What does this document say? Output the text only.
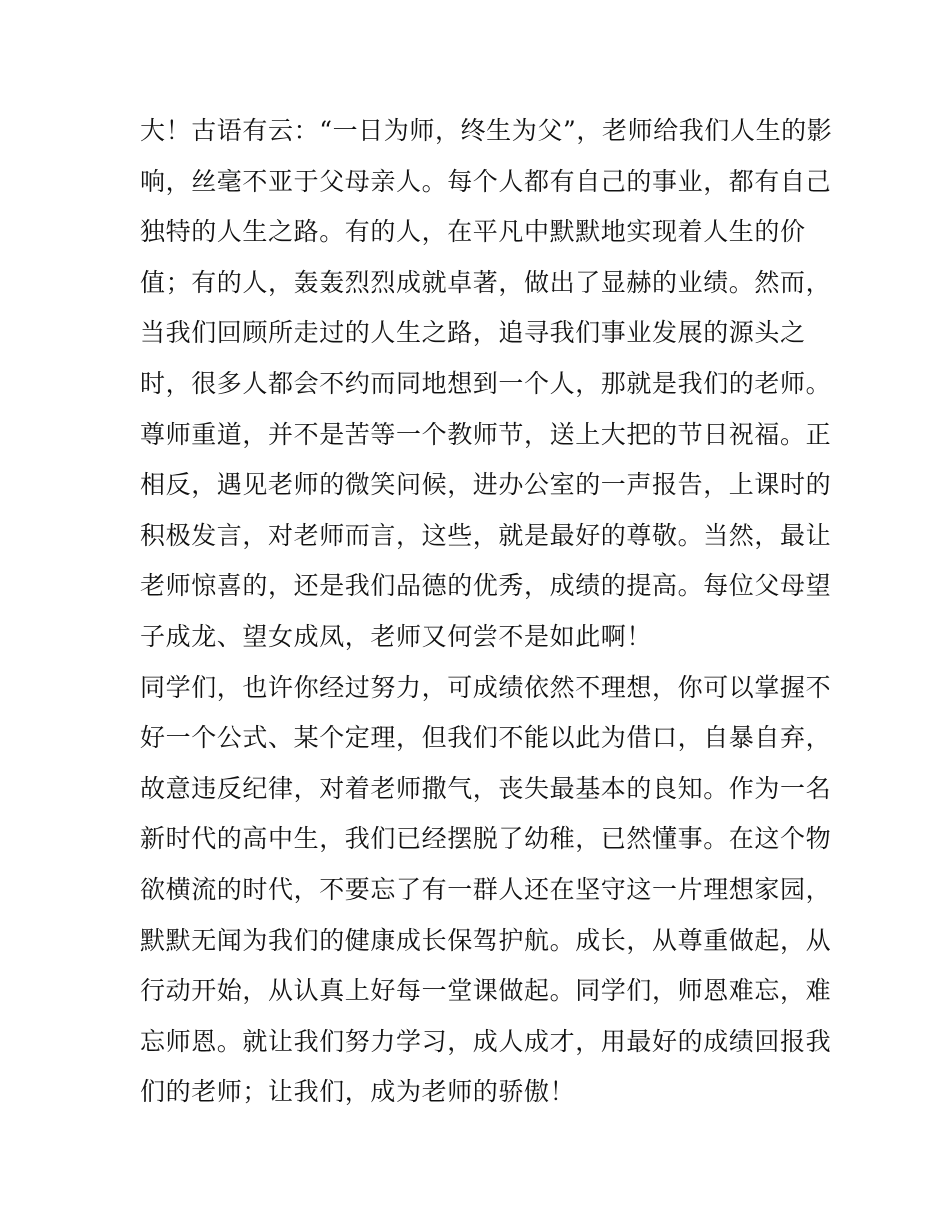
大！古语有云：“一日为师，终生为父”，老师给我们人生的影
响，丝毫不亚于父母亲人。每个人都有自己的事业，都有自己
独特的人生之路。有的人，在平凡中默默地实现着人生的价
值；有的人，轰轰烈烈成就卓著，做出了显赫的业绩。然而，
当我们回顾所走过的人生之路，追寻我们事业发展的源头之
时，很多人都会不约而同地想到一个人，那就是我们的老师。
尊师重道，并不是苦等一个教师节，送上大把的节日祝福。正
相反，遇见老师的微笑问候，进办公室的一声报告，上课时的
积极发言，对老师而言，这些，就是最好的尊敬。当然，最让
老师惊喜的，还是我们品德的优秀，成绩的提高。每位父母望
子成龙、望女成凤，老师又何尝不是如此啊！
同学们，也许你经过努力，可成绩依然不理想，你可以掌握不
好一个公式、某个定理，但我们不能以此为借口，自暴自弃，
故意违反纪律，对着老师撒气，丧失最基本的良知。作为一名
新时代的高中生，我们已经摆脱了幼稚，已然懂事。在这个物
欲横流的时代，不要忘了有一群人还在坚守这一片理想家园，
默默无闻为我们的健康成长保驾护航。成长，从尊重做起，从
行动开始，从认真上好每一堂课做起。同学们，师恩难忘，难
忘师恩。就让我们努力学习，成人成才，用最好的成绩回报我
们的老师；让我们，成为老师的骄傲！
